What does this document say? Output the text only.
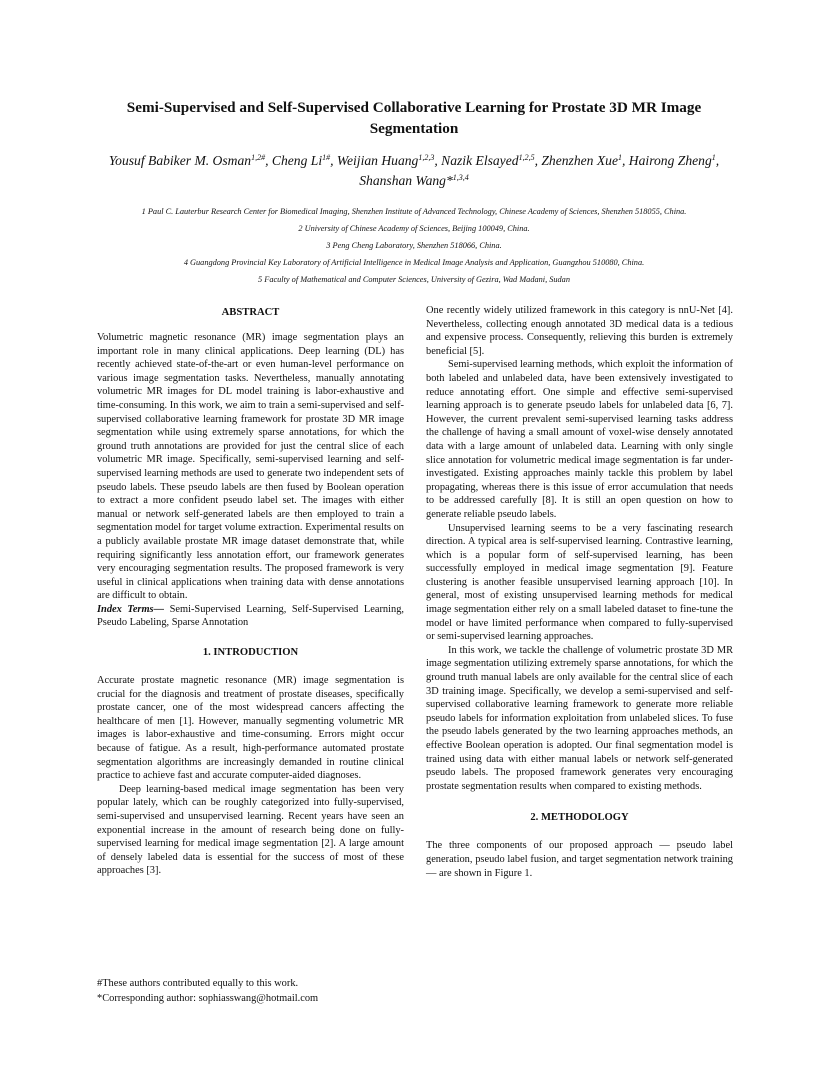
Semi-Supervised and Self-Supervised Collaborative Learning for Prostate 3D MR Image Segmentation
Yousuf Babiker M. Osman$^{1,2\#}$, Cheng $Li^{1\#}$, Weijian Huang$^{1,2,3}$, Nazik Elsayed$^{1,2,5}$, Zhenzhen Xue$^1$, Hairong Zheng$^1$, Shanshan Wang*$^{1,3,4}$
1 Paul C. Lauterbur Research Center for Biomedical Imaging, Shenzhen Institute of Advanced Technology, Chinese Academy of Sciences, Shenzhen 518055, China.
2 University of Chinese Academy of Sciences, Beijing 100049, China.
3 Peng Cheng Laboratory, Shenzhen 518066, China.
4 Guangdong Provincial Key Laboratory of Artificial Intelligence in Medical Image Analysis and Application, Guangzhou 510080, China.
5 Faculty of Mathematical and Computer Sciences, University of Gezira, Wad Madani, Sudan
ABSTRACT

Volumetric magnetic resonance (MR) image segmentation plays an important role in many clinical applications. Deep learning (DL) has recently achieved state-of-the-art or even human-level performance on various image segmentation tasks. Nevertheless, manually annotating volumetric MR images for DL model training is labor-exhaustive and time-consuming. In this work, we aim to train a semi-supervised and self-supervised collaborative learning framework for prostate 3D MR image segmentation while using extremely sparse annotations, for which the ground truth annotations are provided for just the central slice of each volumetric MR image. Specifically, semi-supervised learning and self-supervised learning methods are used to generate two independent sets of pseudo labels. These pseudo labels are then fused by Boolean operation to extract a more confident pseudo label set. The images with either manual or network self-generated labels are then employed to train a segmentation model for target volume extraction. Experimental results on a publicly available prostate MR image dataset demonstrate that, while requiring significantly less annotation effort, our framework generates very encouraging segmentation results. The proposed framework is very useful in clinical applications when training data with dense annotations are difficult to obtain.

Index Terms— Semi-Supervised Learning, Self-Supervised Learning, Pseudo Labeling, Sparse Annotation

1. INTRODUCTION

Accurate prostate magnetic resonance (MR) image segmentation is crucial for the diagnosis and treatment of prostate diseases, specifically prostate cancer, one of the most widespread cancers affecting the healthcare of men [1]. However, manually segmenting volumetric MR images is labor-exhaustive and time-consuming. Errors might occur because of fatigue. As a result, high-performance automated prostate segmentation algorithms are increasingly demanded in routine clinical practice to achieve fast and accurate computer-aided diagnoses.

Deep learning-based medical image segmentation has been very popular lately, which can be roughly categorized into fully-supervised, semi-supervised and unsupervised learning. Recent years have seen an exponential increase in the amount of research being done on fully-supervised learning for medical image segmentation [2]. A large amount of densely labeled data is essential for the success of most of these approaches [3].

One recently widely utilized framework in this category is nnU-Net [4]. Nevertheless, collecting enough annotated 3D medical data is a tedious and expensive process. Consequently, relieving this burden is extremely beneficial [5].

Semi-supervised learning methods, which exploit the information of both labeled and unlabeled data, have been extensively investigated to reduce annotating effort. One simple and effective semi-supervised learning approach is to generate pseudo labels for unlabeled data [6, 7]. However, the current prevalent semi-supervised learning tasks address the challenge of having a small amount of voxel-wise densely annotated data with a large amount of unlabeled data. Learning with only single slice annotation for volumetric medical image segmentation is far under-investigated. Existing approaches mainly tackle this problem by label propagating, whereas there is this issue of error accumulation that needs to be addressed carefully [8]. It is still an open question on how to generate reliable pseudo labels.

Unsupervised learning seems to be a very fascinating research direction. A typical area is self-supervised learning. Contrastive learning, which is a popular form of self-supervised learning, has been successfully employed in medical image segmentation [9]. Feature clustering is another feasible unsupervised learning approach [10]. In general, most of existing unsupervised learning methods for medical image segmentation either rely on a small labeled dataset to fine-tune the model or have limited performance when compared to fully-supervised or semi-supervised learning approaches.

In this work, we tackle the challenge of volumetric prostate 3D MR image segmentation utilizing extremely sparse annotations, for which the ground truth manual labels are only available for the central slice of each 3D training image. Specifically, we develop a semi-supervised and self-supervised collaborative learning framework to generate more reliable pseudo labels for information exploitation from unlabeled slices. To fuse the pseudo labels generated by the two learning approaches methods, an effective Boolean operation is adopted. Our final segmentation model is trained using data with either manual labels or network self-generated pseudo labels. The proposed framework generates very encouraging prostate segmentation results when compared to existing methods.

2. METHODOLOGY

The three components of our proposed approach — pseudo label generation, pseudo label fusion, and target segmentation network training — are shown in Figure 1.

#These authors contributed equally to this work.
*Corresponding author: sophiasswang@hotmail.com
